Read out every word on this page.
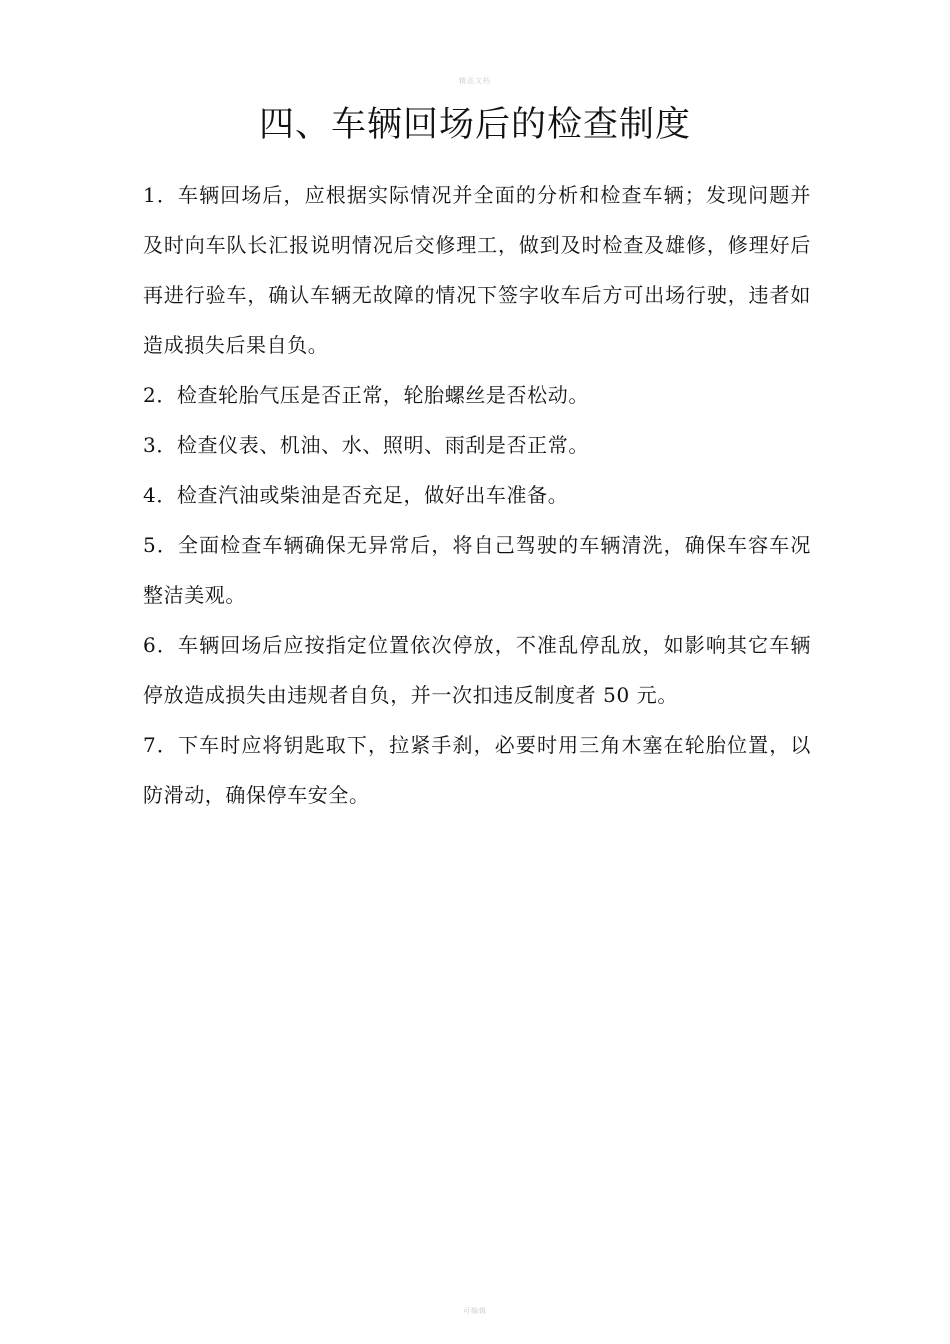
精品文档
四、车辆回场后的检查制度

1．车辆回场后，应根据实际情况并全面的分析和检查车辆；发现问题并及时向车队长汇报说明情况后交修理工，做到及时检查及雄修，修理好后再进行验车，确认车辆无故障的情况下签字收车后方可出场行驶，违者如造成损失后果自负。

2．检查轮胎气压是否正常，轮胎螺丝是否松动。

3．检查仪表、机油、水、照明、雨刮是否正常。

4．检查汽油或柴油是否充足，做好出车准备。

5．全面检查车辆确保无异常后，将自己驾驶的车辆清洗，确保车容车况整洁美观。

6．车辆回场后应按指定位置依次停放，不准乱停乱放，如影响其它车辆停放造成损失由违规者自负，并一次扣违反制度者 50 元。

7．下车时应将钥匙取下，拉紧手刹，必要时用三角木塞在轮胎位置，以防滑动，确保停车安全。

可编辑
